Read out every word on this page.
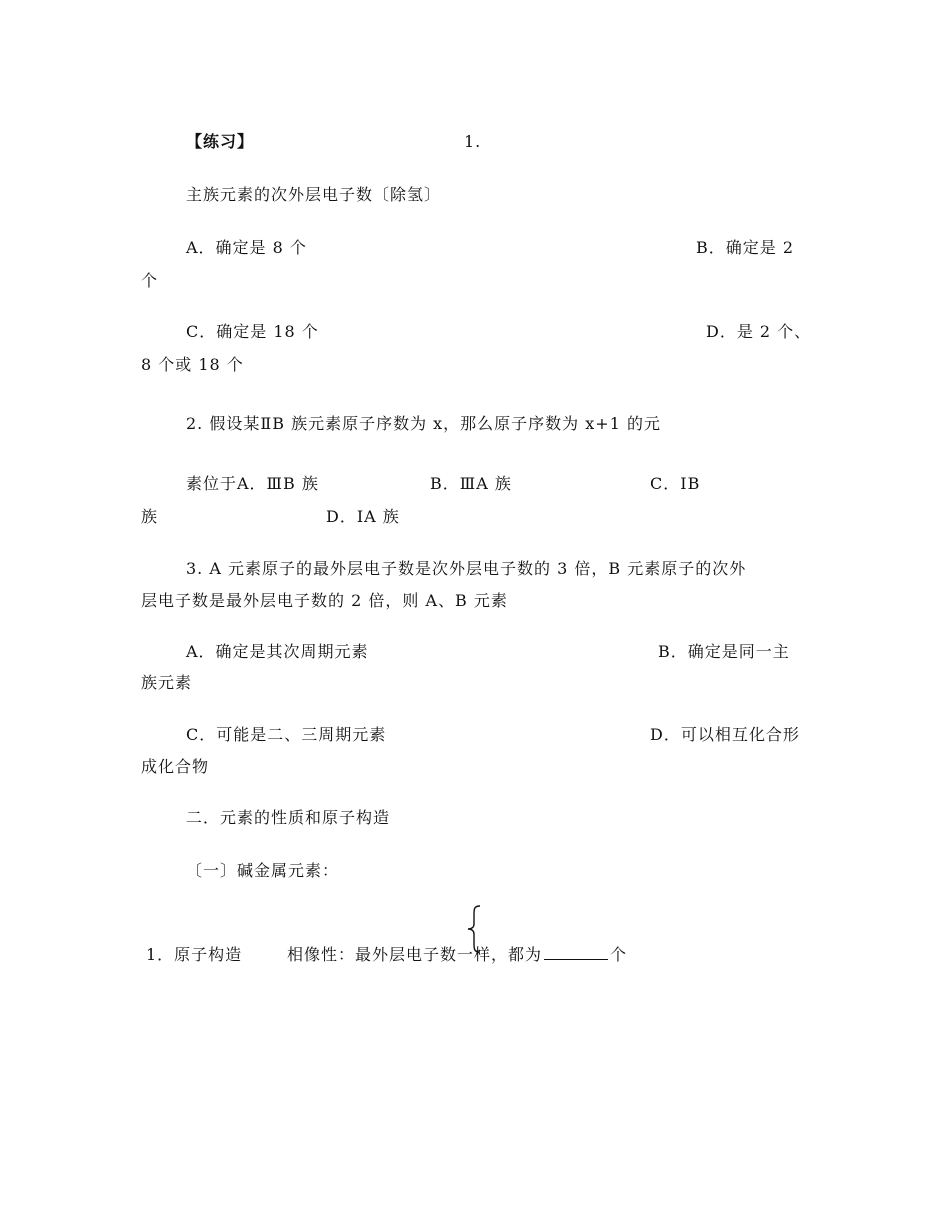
【练习】	1.
主族元素的次外层电子数〔除氢〕
A．确定是 8 个	B．确定是 2
个
C．确定是 18 个	D．是 2 个、
8 个或 18 个
2. 假设某ⅡB 族元素原子序数为 x，那么原子序数为 x+1 的元
素位于A．ⅢB 族	B．ⅢA 族	C．ⅠB
族	D．ⅠA 族
3. A 元素原子的最外层电子数是次外层电子数的 3 倍，B 元素原子的次外
层电子数是最外层电子数的 2 倍，则 A、B 元素
A．确定是其次周期元素	B．确定是同一主
族元素
C．可能是二、三周期元素	D．可以相互化合形
成化合物
二．元素的性质和原子构造
〔一〕碱金属元素：
1．原子构造	相像性：最外层电子数一样，都为	个
